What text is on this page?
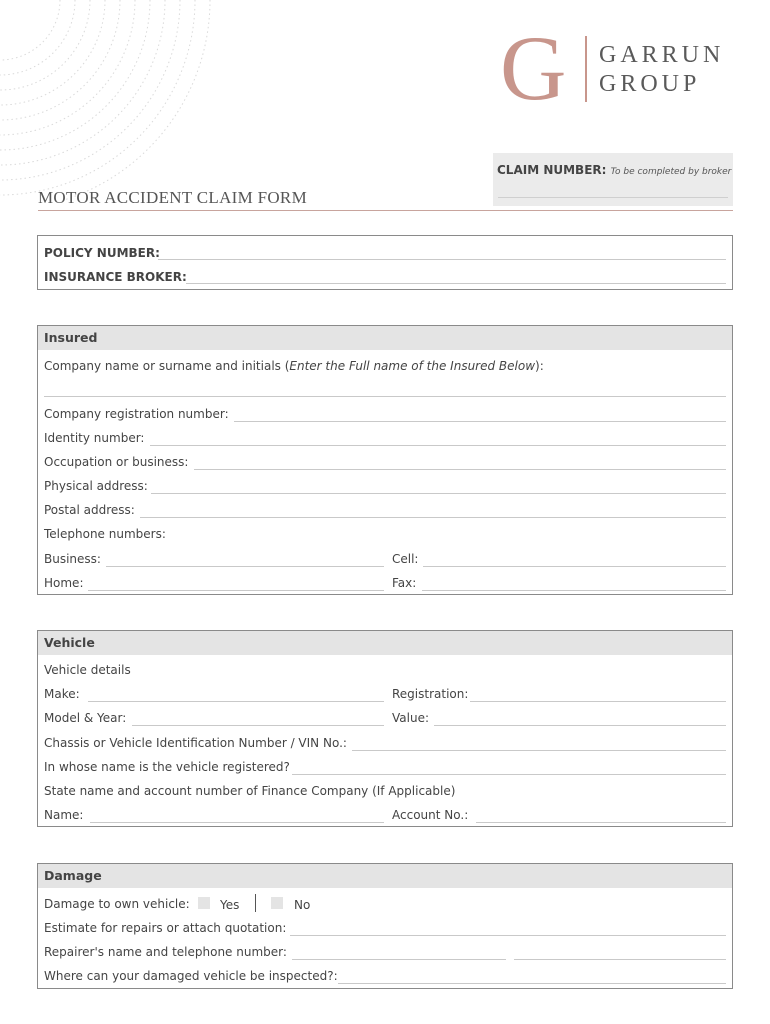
G GARRUN
GROUP
CLAIM NUMBER: To be completed by broker
MOTOR ACCIDENT CLAIM FORM
POLICY NUMBER:
INSURANCE BROKER:
Insured
Company name or surname and initials (Enter the Full name of the Insured Below):
Company registration number:
Identity number:
Occupation or business:
Physical address:
Postal address:
Telephone numbers:
Business:	Cell:
Home:	Fax:
Vehicle
Vehicle details
Make:	Registration:
Model & Year:	Value:
Chassis or Vehicle Identification Number / VIN No.:
In whose name is the vehicle registered?
State name and account number of Finance Company (If Applicable)
Name:	Account No.:
Damage
Damage to own vehicle:	Yes	No
Estimate for repairs or attach quotation:
Repairer's name and telephone number:
Where can your damaged vehicle be inspected?:
